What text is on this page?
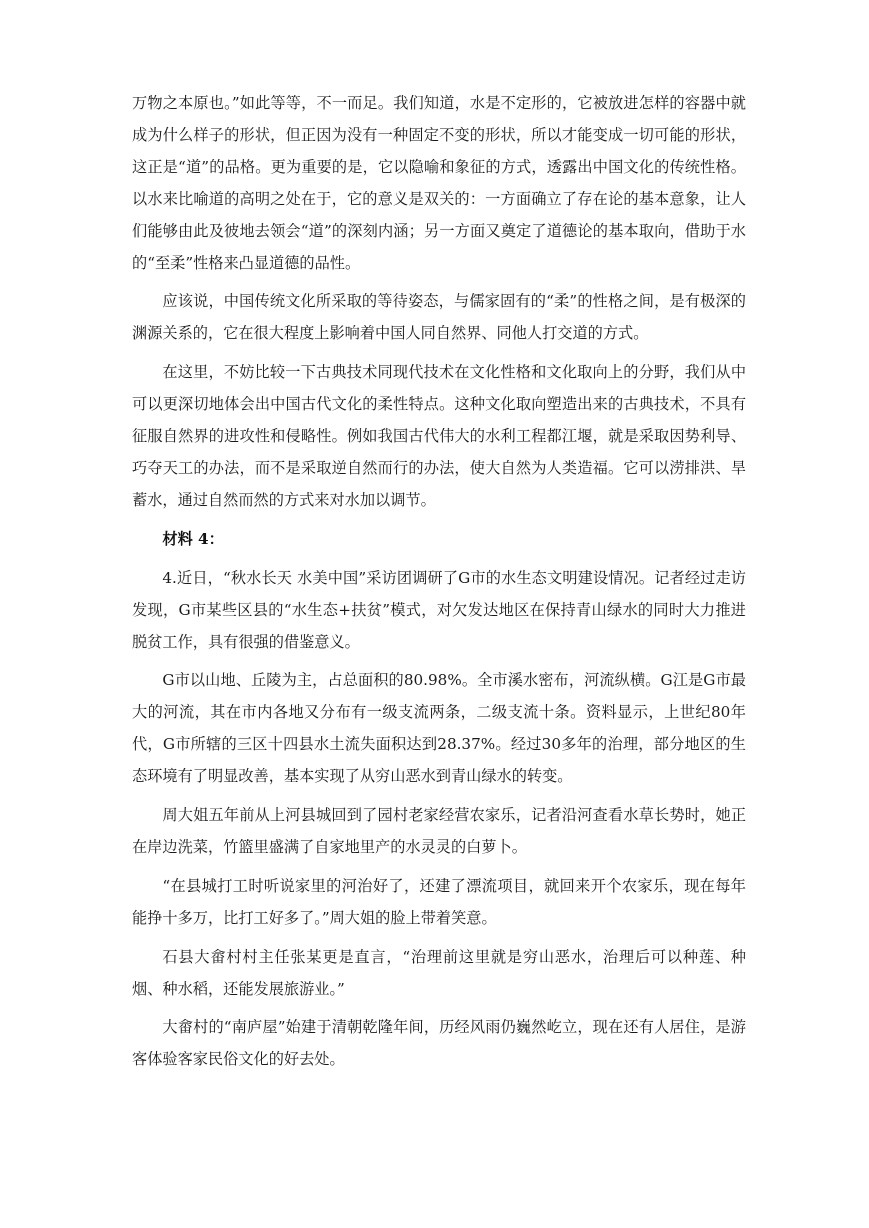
万物之本原也。”如此等等，不一而足。我们知道，水是不定形的，它被放进怎样的容器中就成为什么样子的形状，但正因为没有一种固定不变的形状，所以才能变成一切可能的形状，这正是“道”的品格。更为重要的是，它以隐喻和象征的方式，透露出中国文化的传统性格。以水来比喻道的高明之处在于，它的意义是双关的：一方面确立了存在论的基本意象，让人们能够由此及彼地去领会“道”的深刻内涵；另一方面又奠定了道德论的基本取向，借助于水的“至柔”性格来凸显道德的品性。

应该说，中国传统文化所采取的等待姿态，与儒家固有的“柔”的性格之间，是有极深的渊源关系的，它在很大程度上影响着中国人同自然界、同他人打交道的方式。

在这里，不妨比较一下古典技术同现代技术在文化性格和文化取向上的分野，我们从中可以更深切地体会出中国古代文化的柔性特点。这种文化取向塑造出来的古典技术，不具有征服自然界的进攻性和侵略性。例如我国古代伟大的水利工程都江堰，就是采取因势利导、巧夺天工的办法，而不是采取逆自然而行的办法，使大自然为人类造福。它可以涝排洪、旱蓄水，通过自然而然的方式来对水加以调节。

材料 4：

4.近日，“秋水长天 水美中国”采访团调研了G市的水生态文明建设情况。记者经过走访发现，G市某些区县的“水生态+扶贫”模式，对欠发达地区在保持青山绿水的同时大力推进脱贫工作，具有很强的借鉴意义。

G市以山地、丘陵为主，占总面积的80.98%。全市溪水密布，河流纵横。G江是G市最大的河流，其在市内各地又分布有一级支流两条，二级支流十条。资料显示，上世纪80年代，G市所辖的三区十四县水土流失面积达到28.37%。经过30多年的治理，部分地区的生态环境有了明显改善，基本实现了从穷山恶水到青山绿水的转变。

周大姐五年前从上河县城回到了园村老家经营农家乐，记者沿河查看水草长势时，她正在岸边洗菜，竹篮里盛满了自家地里产的水灵灵的白萝卜。

“在县城打工时听说家里的河治好了，还建了漂流项目，就回来开个农家乐，现在每年能挣十多万，比打工好多了。”周大姐的脸上带着笑意。

石县大畲村村主任张某更是直言，“治理前这里就是穷山恶水，治理后可以种莲、种烟、种水稻，还能发展旅游业。”

大畲村的“南庐屋”始建于清朝乾隆年间，历经风雨仍巍然屹立，现在还有人居住，是游客体验客家民俗文化的好去处。
